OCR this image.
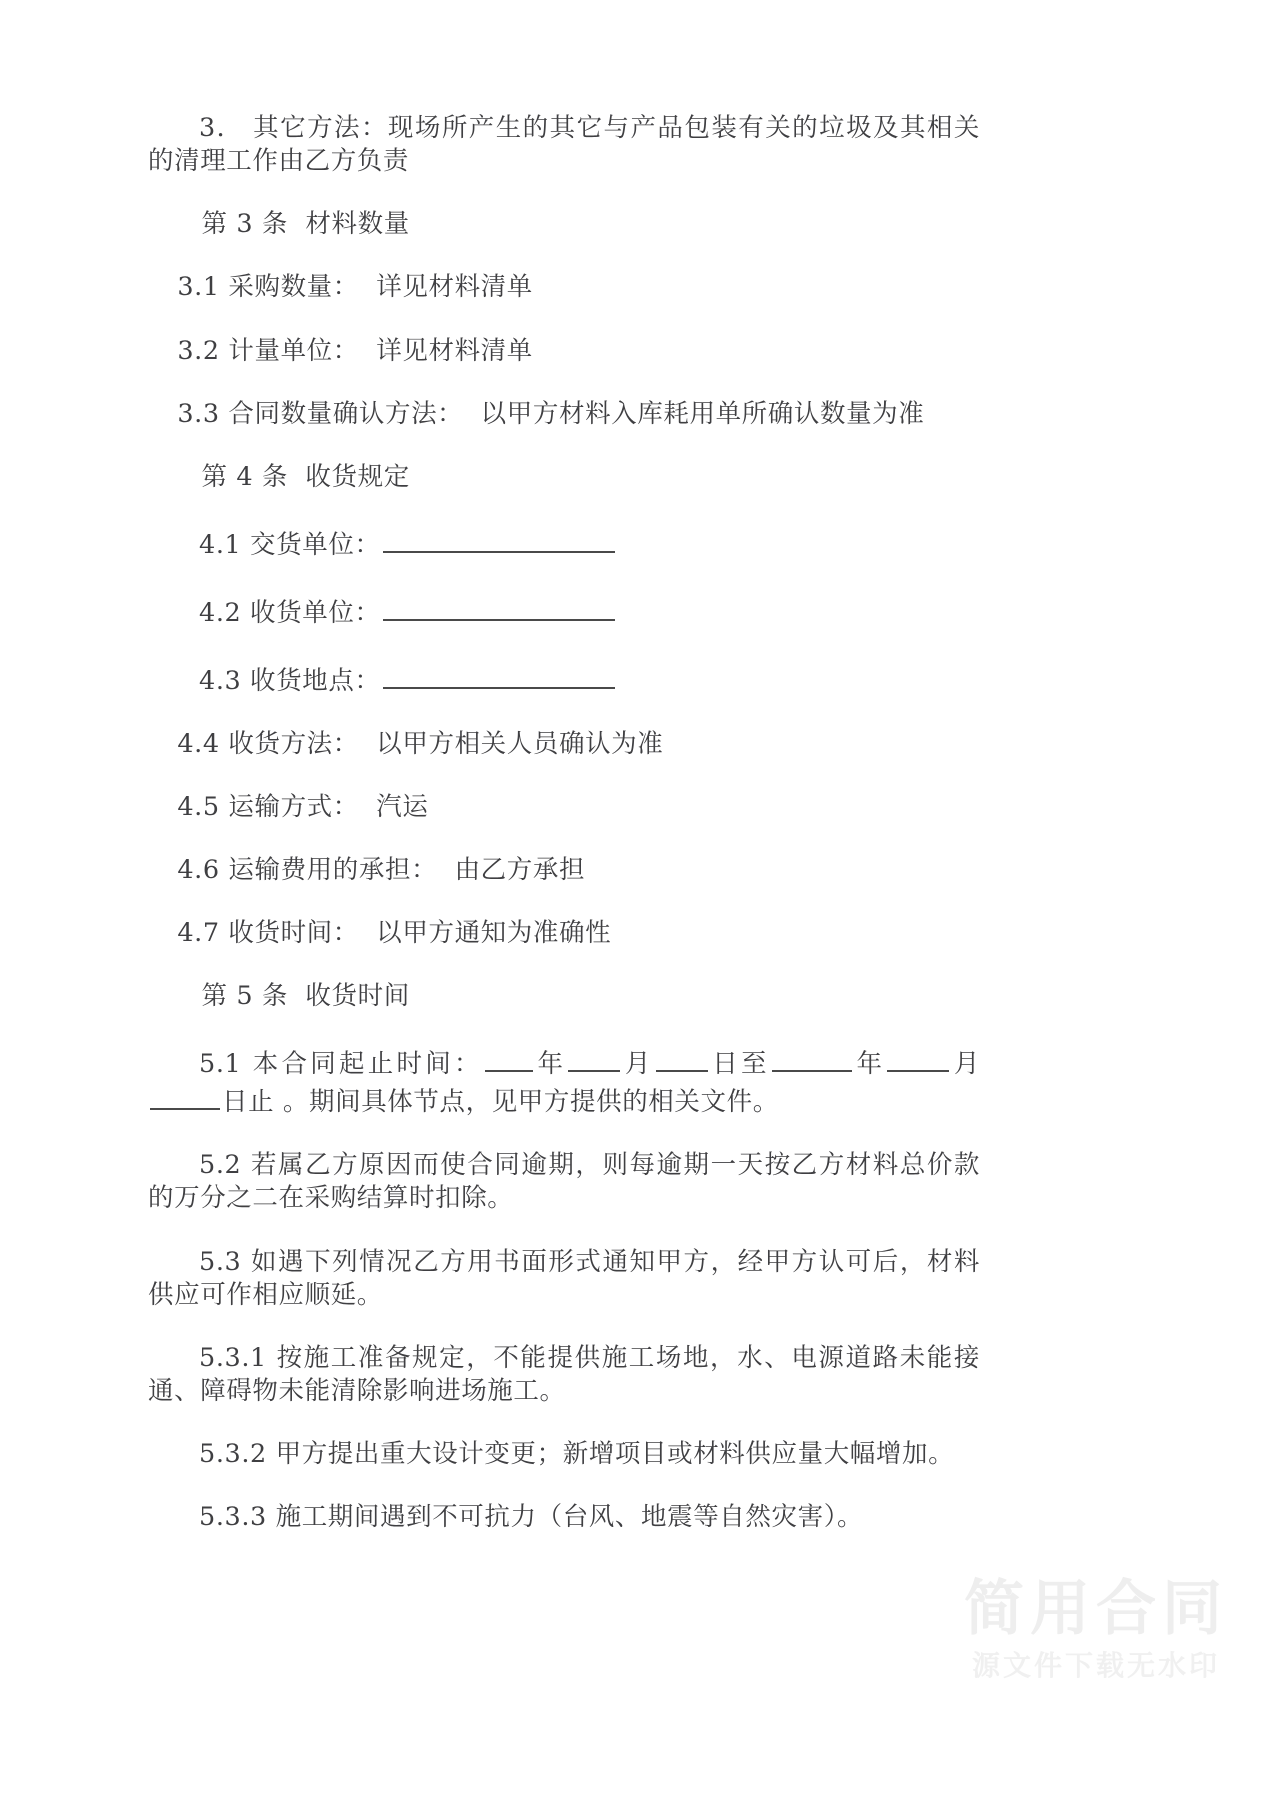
3． 其它方法：现场所产生的其它与产品包装有关的垃圾及其相关的清理工作由乙方负责

第 3 条  材料数量

3.1 采购数量：  详见材料清单

3.2 计量单位：  详见材料清单

3.3 合同数量确认方法：  以甲方材料入库耗用单所确认数量为准

第 4 条  收货规定

4.1 交货单位：
4.2 收货单位：
4.3 收货地点：

4.4 收货方法：  以甲方相关人员确认为准

4.5 运输方式：  汽运

4.6 运输费用的承担：  由乙方承担

4.7 收货时间：  以甲方通知为准确性

第 5 条  收货时间

5.1 本合同起止时间： 年 月 日至	年	月日止 。期间具体节点，见甲方提供的相关文件。

5.2 若属乙方原因而使合同逾期，则每逾期一天按乙方材料总价款的万分之二在采购结算时扣除。

5.3 如遇下列情况乙方用书面形式通知甲方，经甲方认可后，材料供应可作相应顺延。

5.3.1 按施工准备规定，不能提供施工场地，水、电源道路未能接通、障碍物未能清除影响进场施工。

5.3.2 甲方提出重大设计变更；新增项目或材料供应量大幅增加。

5.3.3 施工期间遇到不可抗力（台风、地震等自然灾害）。

简用合同
源文件下载无水印
